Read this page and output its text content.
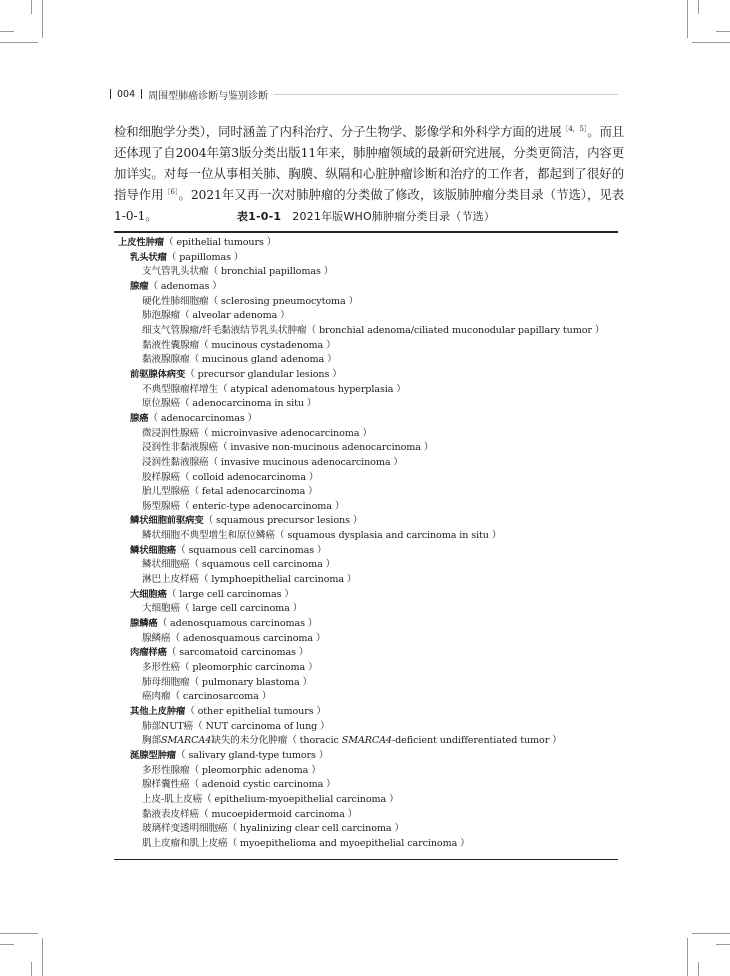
004 周围型肺癌诊断与鉴别诊断

检和细胞学分类），同时涵盖了内科治疗、分子生物学、影像学和外科学方面的进展$^{[4,5]}$。而且还体现了自2004年第3版分类出版11年来，肺肿瘤领域的最新研究进展，分类更简洁，内容更加详实。对每一位从事相关肺、胸膜、纵隔和心脏肿瘤诊断和治疗的工作者，都起到了很好的指导作用$^{[6]}$。2021年又再一次对肺肿瘤的分类做了修改，该版肺肿瘤分类目录（节选），见表1-0-1。	表1-0-1 2021年版WHO肺肿瘤分类目录（节选）
上皮性肿瘤（ epithelial tumours ）
乳头状瘤（ papillomas ）
支气管乳头状瘤（ bronchial papillomas ）
腺瘤（ adenomas ）
硬化性肺细胞瘤（ sclerosing pneumocytoma ）
肺泡腺瘤（ alveolar adenoma ）
细支气管腺瘤/纤毛黏液结节乳头状肿瘤（ bronchial adenoma/ciliated muconodular papillary tumor ）
黏液性囊腺瘤（ mucinous cystadenoma ）
黏液腺腺瘤（ mucinous gland adenoma ）
前驱腺体病变（ precursor glandular lesions ）
不典型腺瘤样增生（ atypical adenomatous hyperplasia ）
原位腺癌（ adenocarcinoma in situ ）
腺癌（ adenocarcinomas ）
微浸润性腺癌（ microinvasive adenocarcinoma ）
浸润性非黏液腺癌（ invasive non-mucinous adenocarcinoma ）
浸润性黏液腺癌（ invasive mucinous adenocarcinoma ）
胶样腺癌（ colloid adenocarcinoma ）
胎儿型腺癌（ fetal adenocarcinoma ）
肠型腺癌（ enteric-type adenocarcinoma ）
鳞状细胞前驱病变（ squamous precursor lesions ）
鳞状细胞不典型增生和原位鳞癌（ squamous dysplasia and carcinoma in situ ）
鳞状细胞癌（ squamous cell carcinomas ）
鳞状细胞癌（ squamous cell carcinoma ）
淋巴上皮样癌（ lymphoepithelial carcinoma ）
大细胞癌（ large cell carcinomas ）
大细胞癌（ large cell carcinoma ）
腺鳞癌（ adenosquamous carcinomas ）
腺鳞癌（ adenosquamous carcinoma ）
肉瘤样癌（ sarcomatoid carcinomas ）
多形性癌（ pleomorphic carcinoma ）
肺母细胞瘤（ pulmonary blastoma ）
癌肉瘤（ carcinosarcoma ）
其他上皮肿瘤（ other epithelial tumours ）
肺部NUT癌（ NUT carcinoma of lung ）
胸部SMARCA4缺失的未分化肿瘤（ thoracic SMARCA4-deficient undifferentiated tumor ）
涎腺型肿瘤（ salivary gland-type tumors ）
多形性腺瘤（ pleomorphic adenoma ）
腺样囊性癌（ adenoid cystic carcinoma ）
上皮-肌上皮癌（ epithelium-myoepithelial carcinoma ）
黏液表皮样癌（ mucoepidermoid carcinoma ）
玻璃样变透明细胞癌（ hyalinizing clear cell carcinoma ）
肌上皮瘤和肌上皮癌（ myoepithelioma and myoepithelial carcinoma ）
